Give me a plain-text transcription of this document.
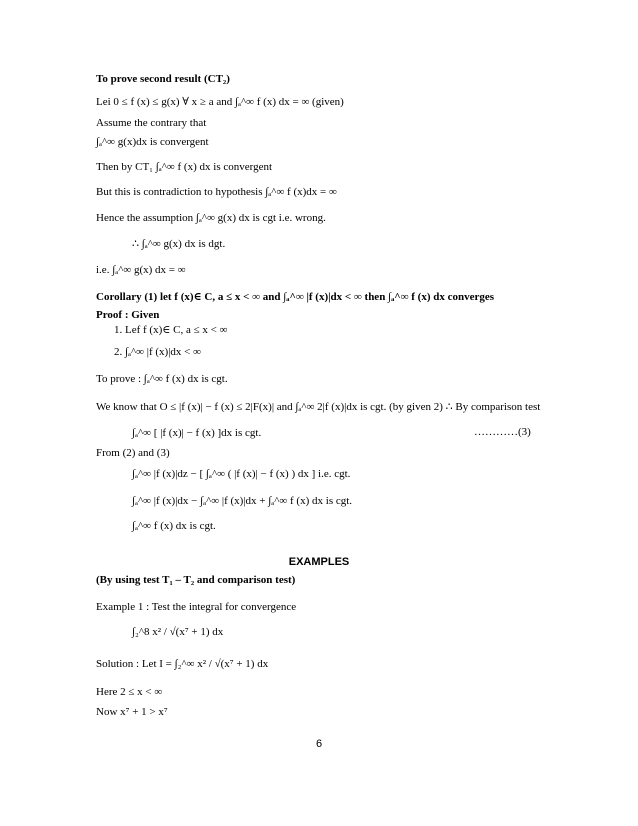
To prove second result (CT₂)
Lei 0 ≤ f (x) ≤ g(x) ∀ x ≥ a and ∫ₐ^∞ f (x) dx = ∞ (given)
Assume the contrary that
∫ₐ^∞ g(x)dx is convergent
Then by CT₁ ∫ₐ^∞ f (x) dx is convergent
But this is contradiction to hypothesis ∫ₐ^∞ f (x)dx = ∞
Hence the assumption ∫ₐ^∞ g(x) dx is cgt i.e. wrong.
∴ ∫ₐ^∞ g(x) dx is dgt.
i.e. ∫ₐ^∞ g(x) dx = ∞
Corollary (1) let f (x)∈ C, a ≤ x < ∞ and ∫ₐ^∞ |f (x)|dx < ∞ then ∫ₐ^∞ f (x) dx converges
Proof : Given
1. Lef f (x)∈ C, a ≤ x < ∞
2. ∫ₐ^∞ |f (x)|dx < ∞
To prove : ∫ₐ^∞ f (x) dx is cgt.
We know that O ≤ |f (x)| − f (x) ≤ 2|F(x)| and ∫ₐ^∞ 2|f (x)|dx is cgt. (by given 2) ∴ By comparison test
∫ₐ^∞ [ |f (x)| − f (x) ]dx is cgt.	…………(3)
From (2) and (3)
∫ₐ^∞ |f (x)|dz − [ ∫ₐ^∞ ( |f (x)| − f (x) ) dx ] i.e. cgt.
∫ₐ^∞ |f (x)|dx − ∫ₐ^∞ |f (x)|dx + ∫ₐ^∞ f (x) dx is cgt.
∫ₐ^∞ f (x) dx is cgt.
EXAMPLES
(By using test T₁ – T₂ and comparison test)
Example 1 : Test the integral for convergence
∫₂^8 x² / √(x⁷ + 1) dx
Solution : Let I = ∫₂^∞ x² / √(x⁷ + 1) dx
Here 2 ≤ x < ∞
Now x⁷ + 1 > x⁷
6
